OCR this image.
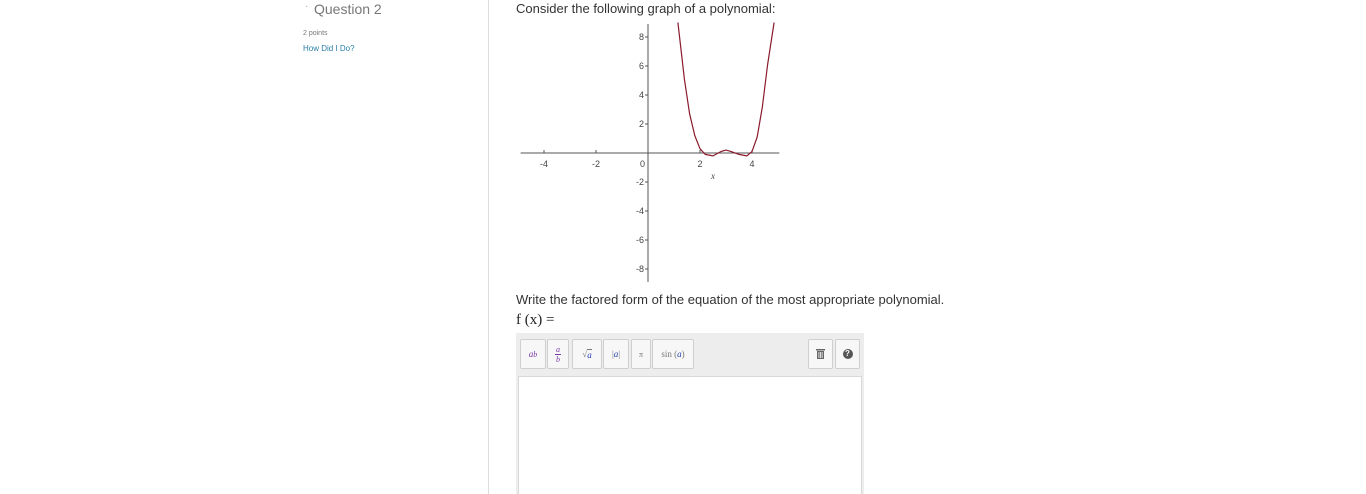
· Question 2
2 points
How Did I Do?
Consider the following graph of a polynomial:
-4	-2	0	2	4
-8
-6
-4
-2
2
4
6
8
x
Write the factored form of the equation of the most appropriate polynomial.
f (x) =
a b $\frac{a}{b}$ √ a | a | π sin ( a )	?
